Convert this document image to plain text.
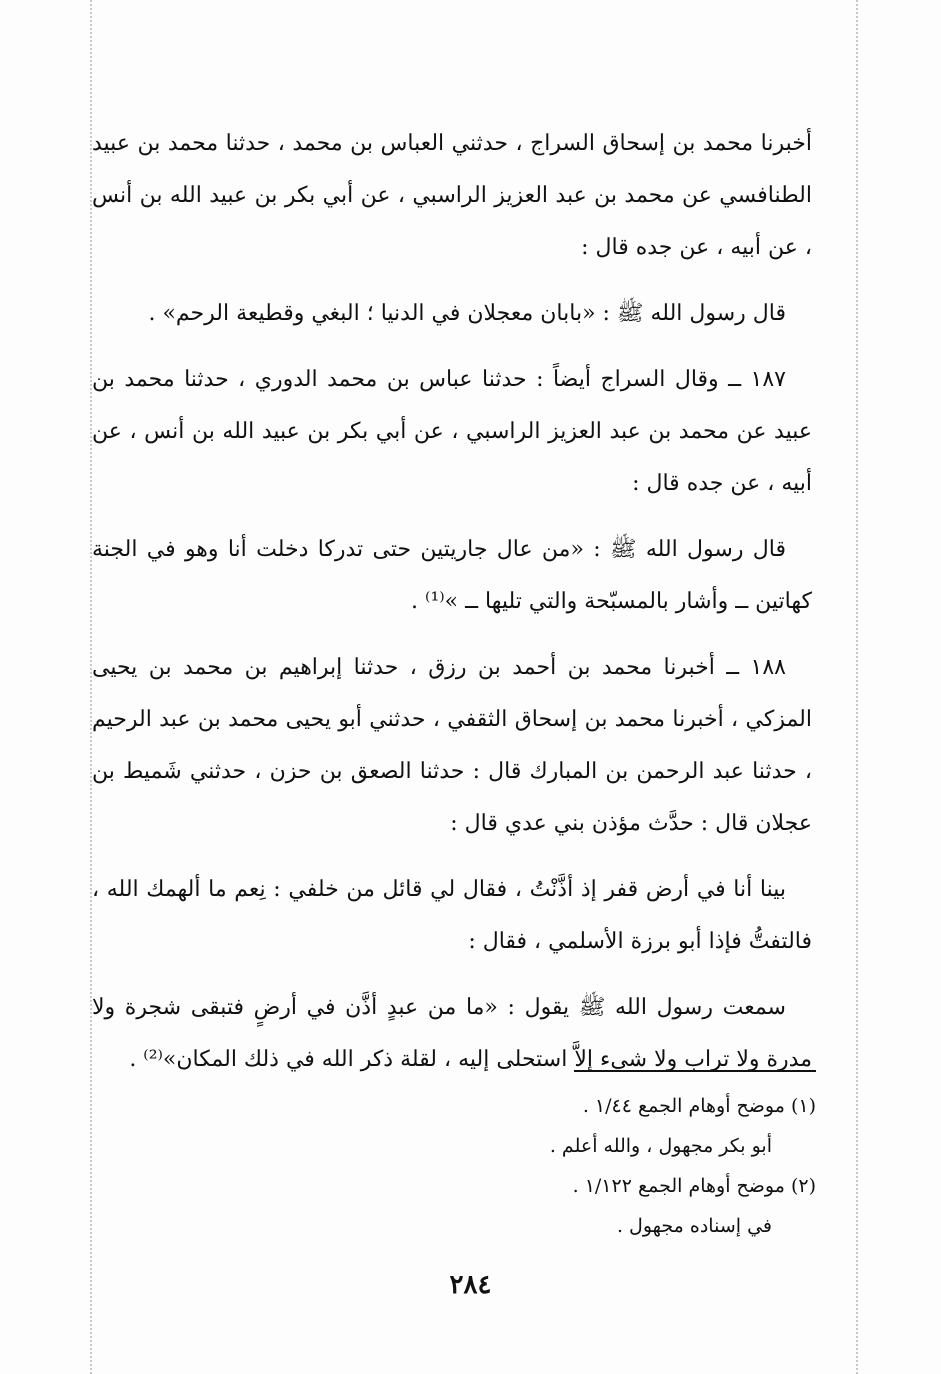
أخبرنا محمد بن إسحاق السراج ، حدثني العباس بن محمد ، حدثنا محمد بن عبيد الطنافسي عن محمد بن عبد العزيز الراسبي ، عن أبي بكر بن عبيد الله بن أنس ، عن أبيه ، عن جده قال :

قال رسول الله ﷺ : «بابان معجلان في الدنيا ؛ البغي وقطيعة الرحم» .

١٨٧ ــ وقال السراج أيضاً : حدثنا عباس بن محمد الدوري ، حدثنا محمد بن عبيد عن محمد بن عبد العزيز الراسبي ، عن أبي بكر بن عبيد الله بن أنس ، عن أبيه ، عن جده قال :

قال رسول الله ﷺ : «من عال جاريتين حتى تدركا دخلت أنا وهو في الجنة كهاتين ــ وأشار بالمسبّحة والتي تليها ــ »⁽¹⁾ .

١٨٨ ــ أخبرنا محمد بن أحمد بن رزق ، حدثنا إبراهيم بن محمد بن يحيى المزكي ، أخبرنا محمد بن إسحاق الثقفي ، حدثني أبو يحيى محمد بن عبد الرحيم ، حدثنا عبد الرحمن بن المبارك قال : حدثنا الصعق بن حزن ، حدثني شَميط بن عجلان قال : حدَّث مؤذن بني عدي قال :

بينا أنا في أرض قفر إذ أذَّنْتُ ، فقال لي قائل من خلفي : نِعم ما ألهمك الله ، فالتفتُّ فإذا أبو برزة الأسلمي ، فقال :

سمعت رسول الله ﷺ يقول : «ما من عبدٍ أذَّن في أرضٍ فتبقى شجرة ولا مدرة ولا تراب ولا شيء إلاَّ استحلى إليه ، لقلة ذكر الله في ذلك المكان»⁽²⁾ .

(١) موضح أوهام الجمع ١/٤٤ .
أبو بكر مجهول ، والله أعلم .
(٢) موضح أوهام الجمع ١/١٢٢ .
في إسناده مجهول .
٢٨٤
